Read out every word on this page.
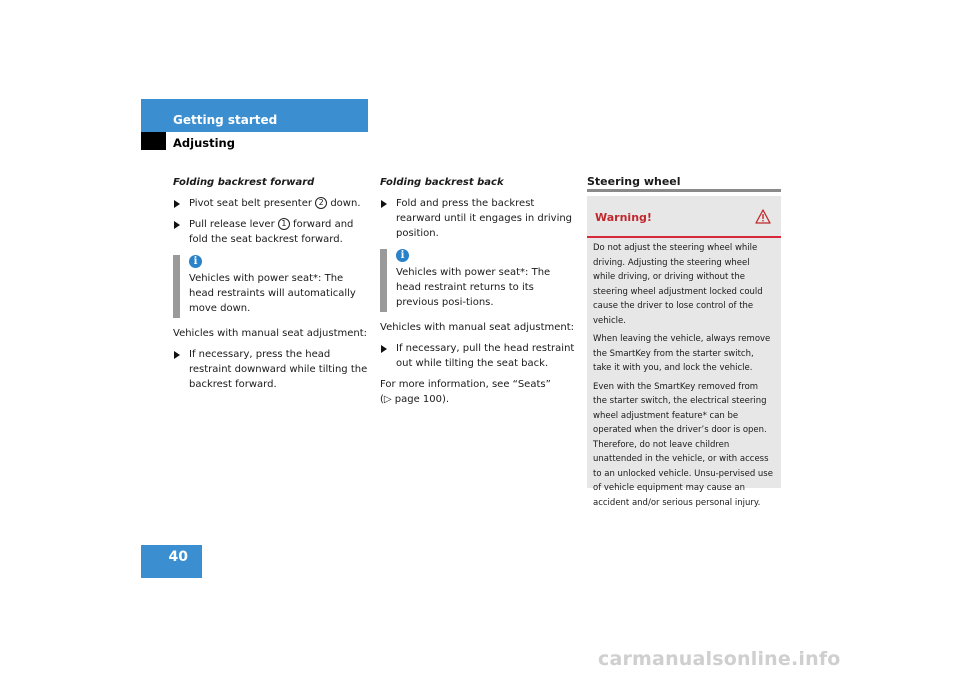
Getting started
Adjusting

Folding backrest forward

Pivot seat belt presenter 2 down.

Pull release lever 1 forward and fold the seat backrest forward.

i

Vehicles with power seat*: The head restraints will automatically move down.

Vehicles with manual seat adjustment:

If necessary, press the head restraint downward while tilting the backrest forward.

Folding backrest back

Fold and press the backrest rearward until it engages in driving position.

i

Vehicles with power seat*: The head restraint returns to its previous posi-tions.

Vehicles with manual seat adjustment:

If necessary, pull the head restraint out while tilting the seat back.

For more information, see “Seats”

(▷ page 100).

Steering wheel
Warning!

Do not adjust the steering wheel while driving. Adjusting the steering wheel while driving, or driving without the steering wheel adjustment locked could cause the driver to lose control of the vehicle.

When leaving the vehicle, always remove the SmartKey from the starter switch, take it with you, and lock the vehicle.

Even with the SmartKey removed from the starter switch, the electrical steering wheel adjustment feature* can be operated when the driver’s door is open. Therefore, do not leave children unattended in the vehicle, or with access to an unlocked vehicle. Unsu-pervised use of vehicle equipment may cause an accident and/or serious personal injury.

40
carmanualsonline.info
